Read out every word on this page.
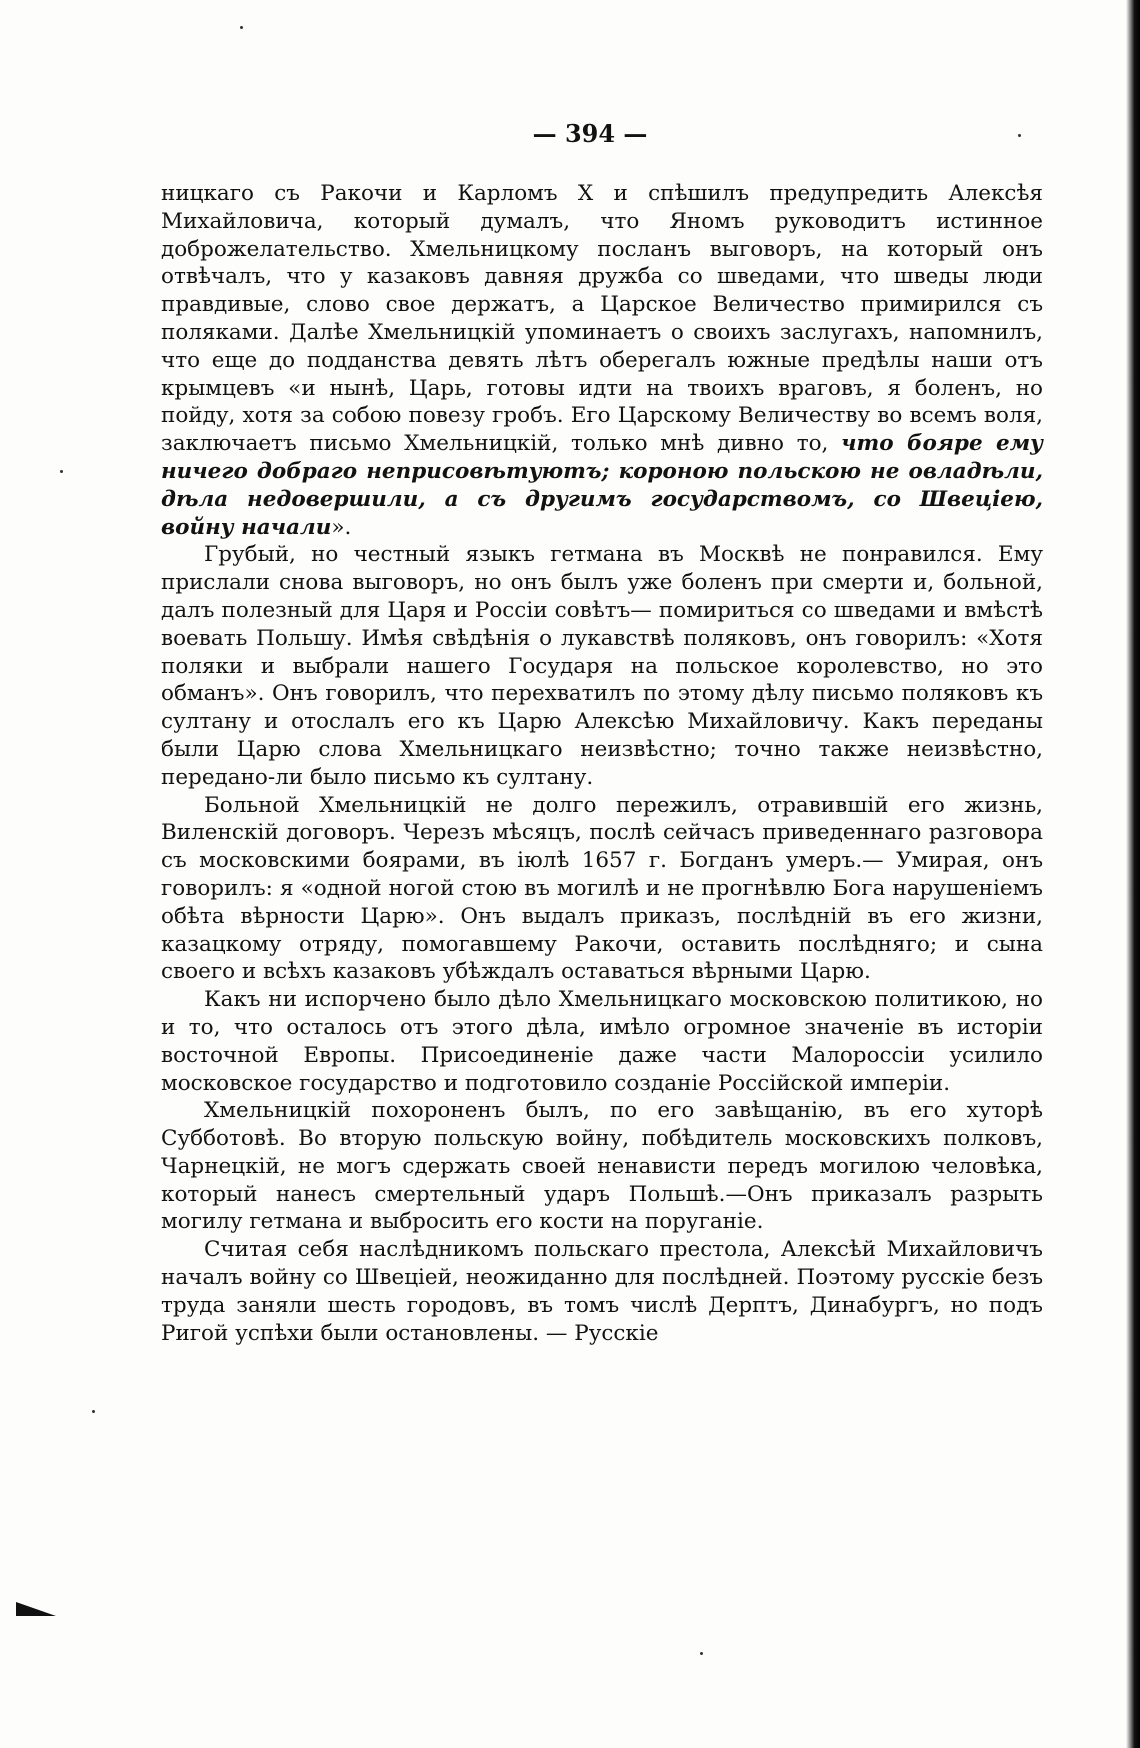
— 394 —

ницкаго съ Ракочи и Карломъ X и спѣшилъ предупредить Алексѣя Михайловича, который думалъ, что Яномъ руководитъ истинное доброжелательство. Хмельницкому посланъ выговоръ, на который онъ отвѣчалъ, что у казаковъ давняя дружба со шведами, что шведы люди правдивые, слово свое держатъ, а Царское Величество примирился съ поляками. Далѣе Хмельницкій упоминаетъ о своихъ заслугахъ, напомнилъ, что еще до подданства девять лѣтъ оберегалъ южные предѣлы наши отъ крымцевъ «и нынѣ, Царь, готовы идти на твоихъ враговъ, я боленъ, но пойду, хотя за собою повезу гробъ. Его Царскому Величеству во всемъ воля, заключаетъ письмо Хмельницкій, только мнѣ дивно то, что бояре ему ничего добраго неприсовѣтуютъ; короною польскою не овладѣли, дѣла недовершили, а съ другимъ государствомъ, со Швеціею, войну начали».

Грубый, но честный языкъ гетмана въ Москвѣ не понравился. Ему прислали снова выговоръ, но онъ былъ уже боленъ при смерти и, больной, далъ полезный для Царя и Россіи совѣтъ— помириться со шведами и вмѣстѣ воевать Польшу. Имѣя свѣдѣнія о лукавствѣ поляковъ, онъ говорилъ: «Хотя поляки и выбрали нашего Государя на польское королевство, но это обманъ». Онъ говорилъ, что перехватилъ по этому дѣлу письмо поляковъ къ султану и отослалъ его къ Царю Алексѣю Михайловичу. Какъ переданы были Царю слова Хмельницкаго неизвѣстно; точно также неизвѣстно, передано-ли было письмо къ султану.

Больной Хмельницкій не долго пережилъ, отравившій его жизнь, Виленскій договоръ. Черезъ мѣсяцъ, послѣ сейчасъ приведеннаго разговора съ московскими боярами, въ іюлѣ 1657 г. Богданъ умеръ.— Умирая, онъ говорилъ: я «одной ногой стою въ могилѣ и не прогнѣвлю Бога нарушеніемъ обѣта вѣрности Царю». Онъ выдалъ приказъ, послѣдній въ его жизни, казацкому отряду, помогавшему Ракочи, оставить послѣдняго; и сына своего и всѣхъ казаковъ убѣждалъ оставаться вѣрными Царю.

Какъ ни испорчено было дѣло Хмельницкаго московскою политикою, но и то, что осталось отъ этого дѣла, имѣло огромное значеніе въ исторіи восточной Европы. Присоединеніе даже части Малороссіи усилило московское государство и подготовило созданіе Россійской имперіи.

Хмельницкій похороненъ былъ, по его завѣщанію, въ его хуторѣ Субботовѣ. Во вторую польскую войну, побѣдитель московскихъ полковъ, Чарнецкій, не могъ сдержать своей ненависти передъ могилою человѣка, который нанесъ смертельный ударъ Польшѣ.—Онъ приказалъ разрыть могилу гетмана и выбросить его кости на поруганіе.

Считая себя наслѣдникомъ польскаго престола, Алексѣй Михайловичъ началъ войну со Швеціей, неожиданно для послѣдней. Поэтому русскіе безъ труда заняли шесть городовъ, въ томъ числѣ Дерптъ, Динабургъ, но подъ Ригой успѣхи были остановлены. — Русскіе
